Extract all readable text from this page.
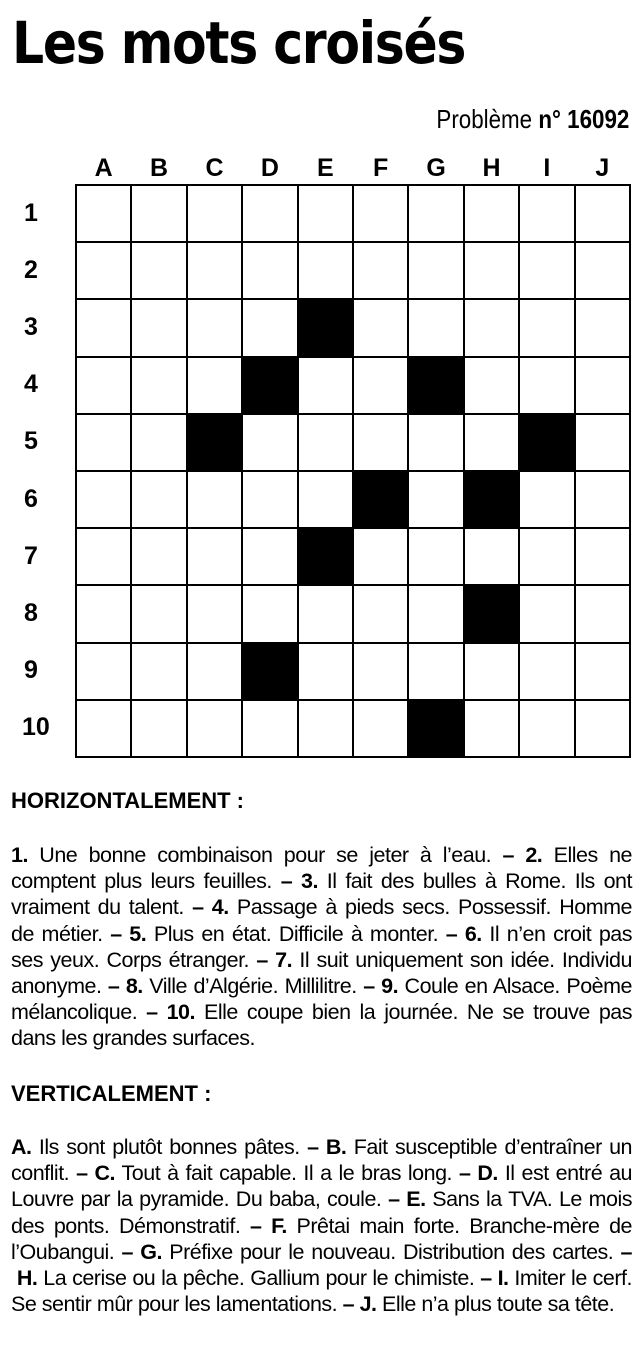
Les mots croisés
Problème n° 16092
A	B	C	D	E	F	G	H	I	J
1
2
3
4
5
6
7
8
9
10
HORIZONTALEMENT :
1. Une bonne combinaison pour se jeter à l’eau. – 2. Elles ne comptent plus leurs feuilles. – 3. Il fait des bulles à Rome. Ils ont vraiment du talent. – 4. Passage à pieds secs. Possessif. Homme de métier. – 5. Plus en état. Difficile à monter. – 6. Il n’en croit pas ses yeux. Corps étranger. – 7. Il suit uniquement son idée. Individu anonyme. – 8. Ville d’Algérie. Millilitre. – 9. Coule en Alsace. Poème mélancolique. – 10. Elle coupe bien la journée. Ne se trouve pas dans les grandes surfaces.
VERTICALEMENT :
A. Ils sont plutôt bonnes pâtes. – B. Fait susceptible d’entraîner un conflit. – C. Tout à fait capable. Il a le bras long. – D. Il est entré au Louvre par la pyramide. Du baba, coule. – E. Sans la TVA. Le mois des ponts. Démonstratif. – F. Prêtai main forte. Branche-mère de l’Oubangui. – G. Préfixe pour le nouveau. Distribution des cartes. – H. La cerise ou la pêche. Gallium pour le chimiste. – I. Imiter le cerf. Se sentir mûr pour les lamentations. – J. Elle n’a plus toute sa tête.
